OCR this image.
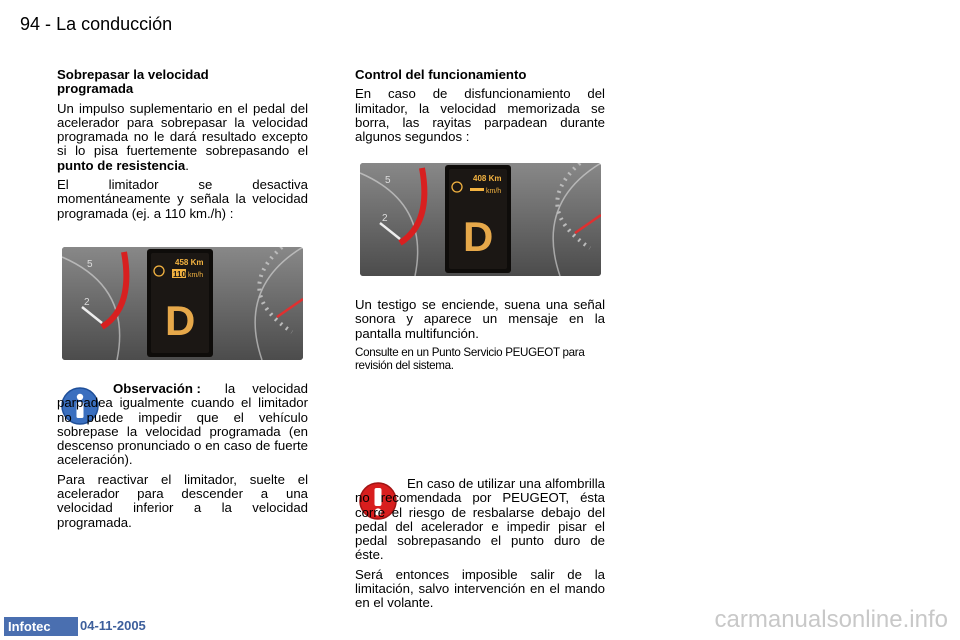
94 - La conducción

Sobrepasar la velocidad programada

Un impulso suplementario en el pedal del acelerador para sobrepasar la velocidad programada no le dará resultado excepto si lo pisa fuertemente sobrepasando el punto de resistencia.

El limitador se desactiva momentáneamente y señala la velocidad programada (ej. a 110 km./h) :

5
2
458 Km
110 km/h
D

Observación : la velocidad parpadea igualmente cuando el limitador no puede impedir que el vehículo sobrepase la velocidad programada (en descenso pronunciado o en caso de fuerte aceleración).

Para reactivar el limitador, suelte el acelerador para descender a una velocidad inferior a la velocidad programada.

Control del funcionamiento

En caso de disfuncionamiento del limitador, la velocidad memorizada se borra, las rayitas parpadean durante algunos segundos :

5
2
408 Km
km/h
D

Un testigo se enciende, suena una señal sonora y aparece un mensaje en la pantalla multifunción.

Consulte en un Punto Servicio PEUGEOT para revisión del sistema.

En caso de utilizar una alfombrilla no recomendada por PEUGEOT, ésta corre el riesgo de resbalarse debajo del pedal del acelerador e impedir pisar el pedal sobrepasando el punto duro de éste.

Será entonces imposible salir de la limitación, salvo intervención en el mando en el volante.

Infotec	04-11-2005	carmanualsonline.info
